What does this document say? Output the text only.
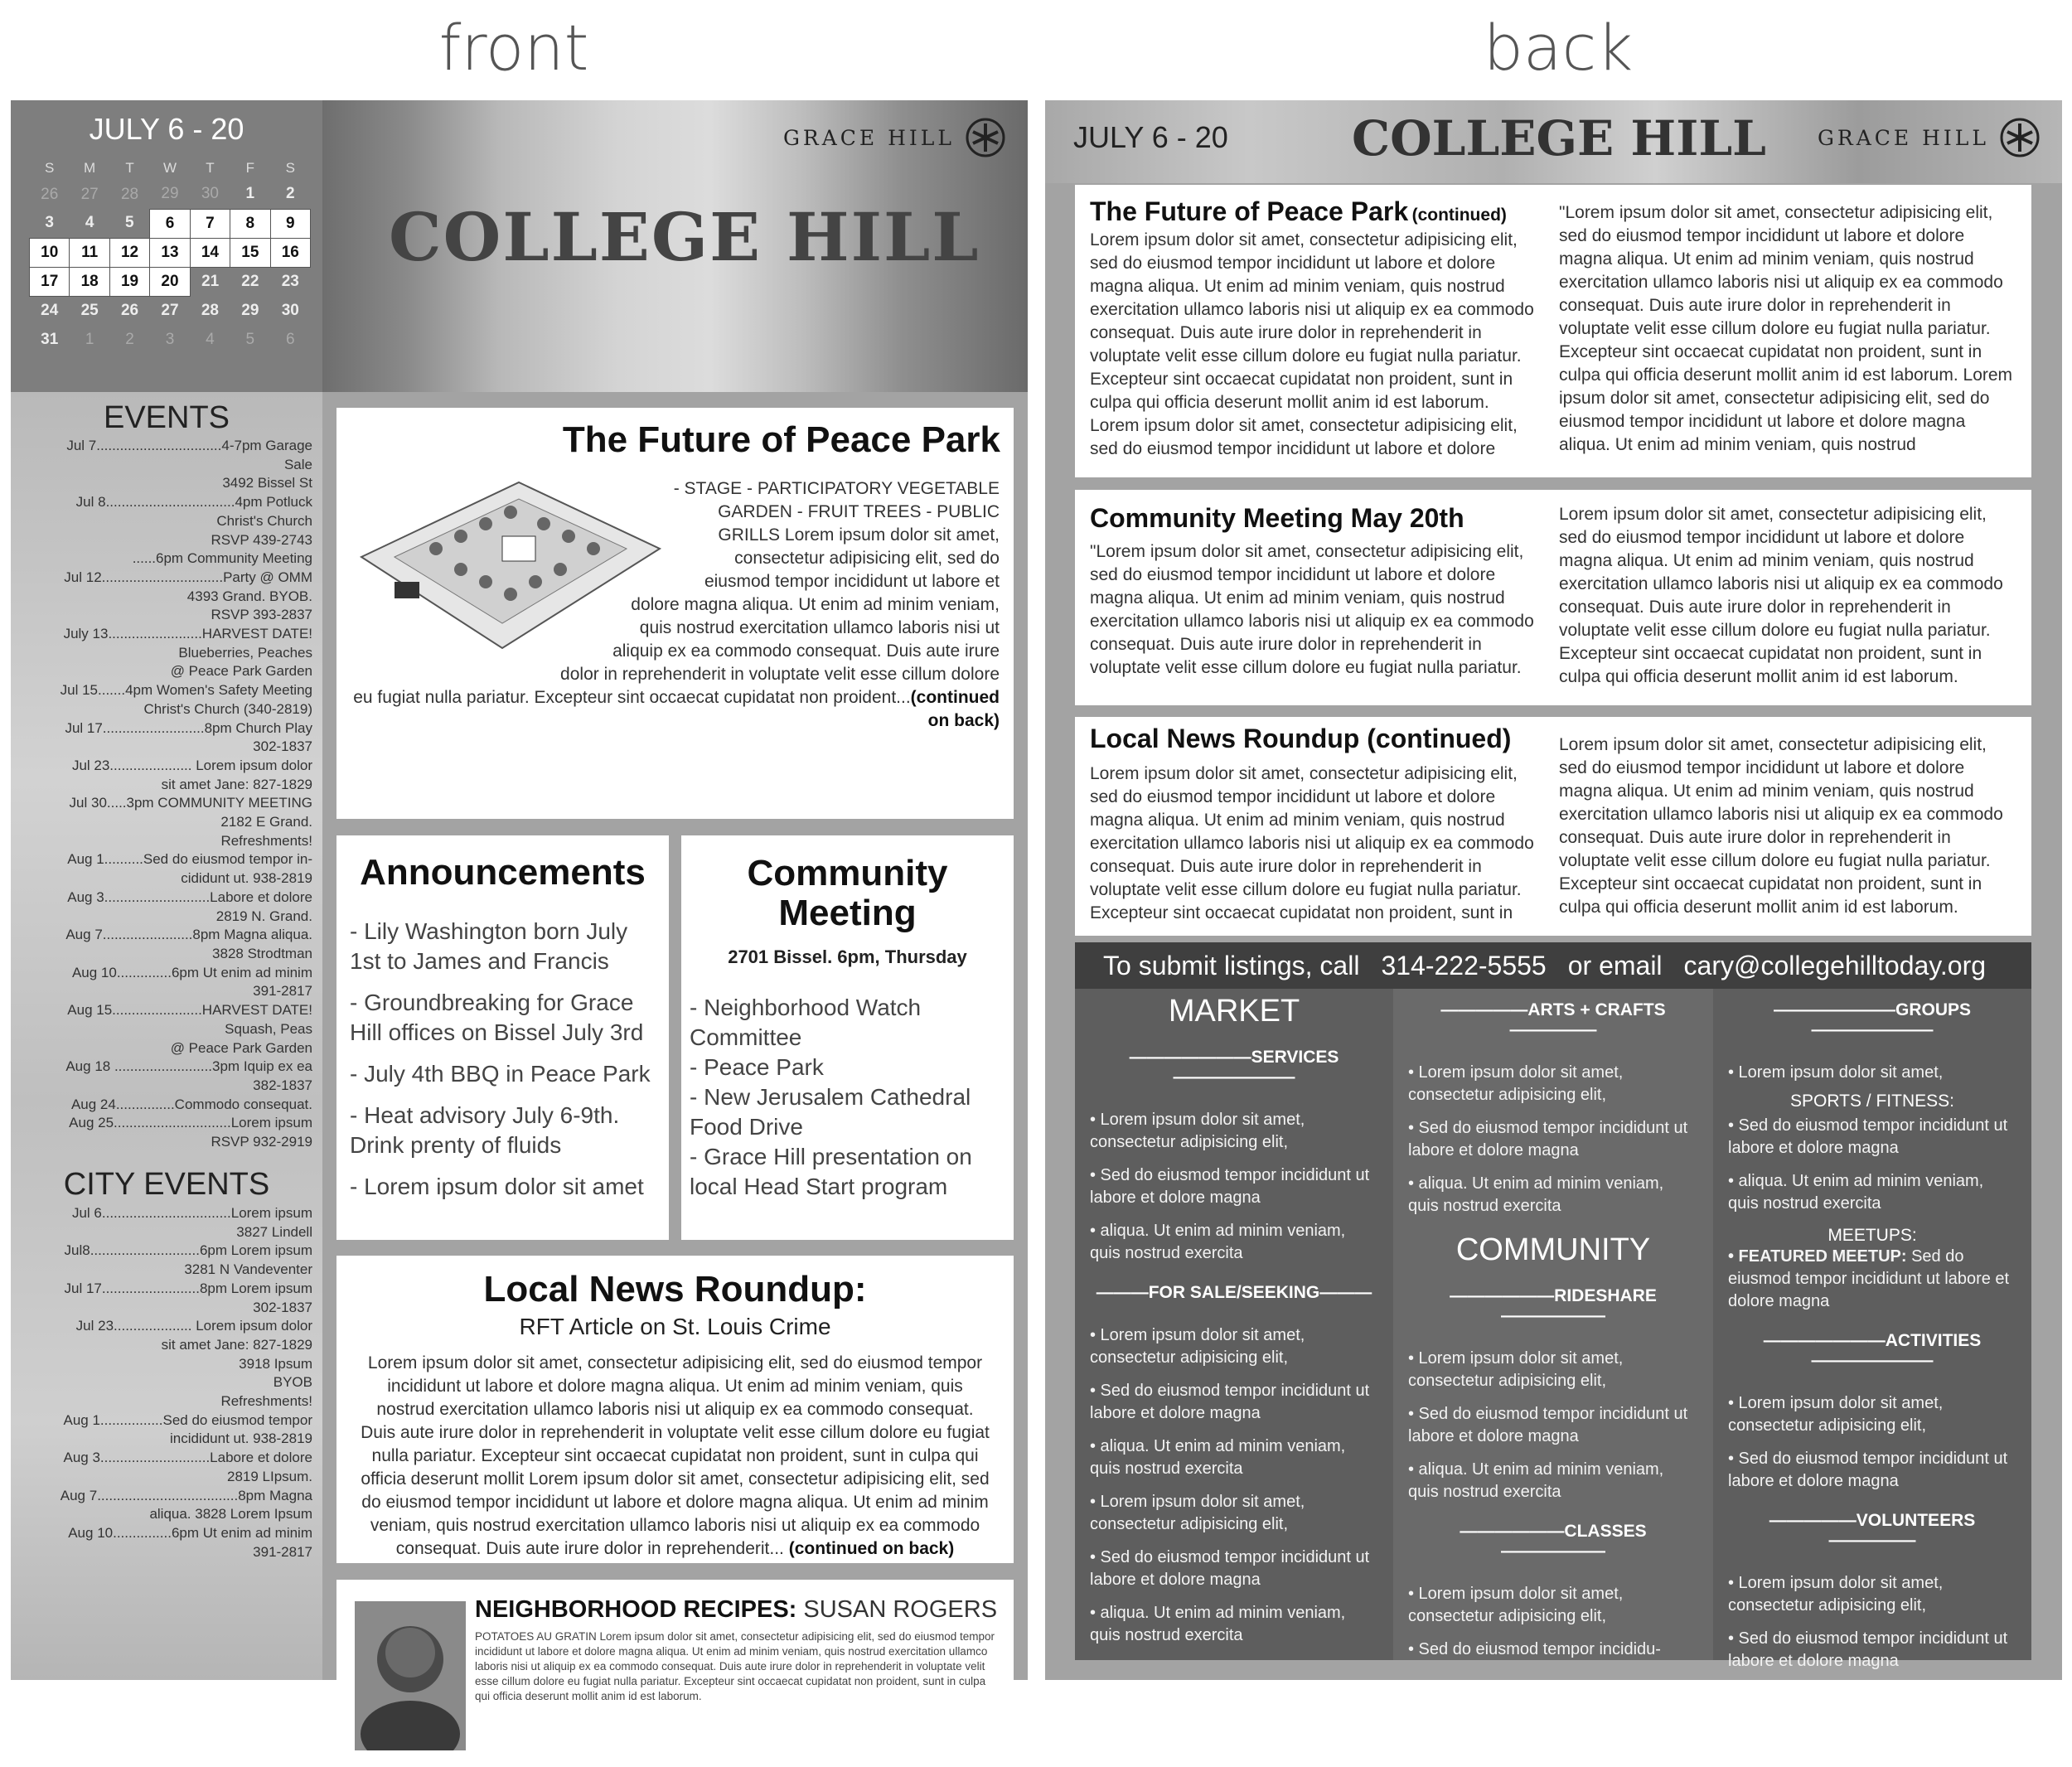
front	back
JULY 6 - 20
S	M	T	W	T	F	S
26	27	28	29	30	1	2
3	4	5	6	7	8	9
10	11	12	13	14	15	16
17	18	19	20	21	22	23
24	25	26	27	28	29	30
31	1	2	3	4	5	6
GRACE HILL
COLLEGE HILL
EVENTS
Jul 7................................4-7pm Garage
Sale
3492 Bissel St
Jul 8.................................4pm Potluck
Christ's Church
RSVP 439-2743
......6pm Community Meeting
Jul 12...............................Party @ OMM
4393 Grand. BYOB.
RSVP 393-2837
July 13........................HARVEST DATE!
Blueberries, Peaches
@ Peace Park Garden
Jul 15.......4pm Women's Safety Meeting
Christ's Church (340-2819)
Jul 17..........................8pm Church Play
302-1837
Jul 23..................... Lorem ipsum dolor
sit amet Jane: 827-1829
Jul 30.....3pm COMMUNITY MEETING
2182 E Grand.
Refreshments!
Aug 1..........Sed do eiusmod tempor in-
cididunt ut. 938-2819
Aug 3...........................Labore et dolore
2819 N. Grand.
Aug 7.......................8pm Magna aliqua.
3828 Strodtman
Aug 10..............6pm Ut enim ad minim
391-2817
Aug 15.......................HARVEST DATE!
Squash, Peas
@ Peace Park Garden
Aug 18 .........................3pm Iquip ex ea
382-1837
Aug 24...............Commodo consequat.
Aug 25..............................Lorem ipsum
RSVP 932-2919
CITY EVENTS
Jul 6.................................Lorem ipsum
3827 Lindell
Jul8............................6pm Lorem ipsum
3281 N Vandeventer
Jul 17.........................8pm Lorem ipsum
302-1837
Jul 23.................... Lorem ipsum dolor
sit amet Jane: 827-1829
3918 Ipsum
BYOB
Refreshments!
Aug 1................Sed do eiusmod tempor
incididunt ut. 938-2819
Aug 3............................Labore et dolore
2819 LIpsum.
Aug 7....................................8pm Magna
aliqua. 3828 Lorem Ipsum
Aug 10...............6pm Ut enim ad minim
391-2817
The Future of Peace Park
- STAGE - PARTICIPATORY VEGETABLE GARDEN - FRUIT TREES - PUBLIC GRILLS Lorem ipsum dolor sit amet, consectetur adipisicing elit, sed do eiusmod tempor incididunt ut labore et dolore magna aliqua. Ut enim ad minim veniam, quis nostrud exercitation ullamco laboris nisi ut aliquip ex ea commodo consequat. Duis aute irure dolor in reprehenderit in voluptate velit esse cillum dolore eu fugiat nulla pariatur. Excepteur sint occaecat cupidatat non proident...(continued on back)
Announcements
- Lily Washington born July 1st to James and Francis
- Groundbreaking for Grace Hill offices on Bissel July 3rd
- July 4th BBQ in Peace Park
- Heat advisory July 6-9th. Drink prenty of fluids
- Lorem ipsum dolor sit amet
Community Meeting
2701 Bissel. 6pm, Thursday
- Neighborhood Watch Committee
- Peace Park
- New Jerusalem Cathedral Food Drive
- Grace Hill presentation on local Head Start program
Local News Roundup:
RFT Article on St. Louis Crime
Lorem ipsum dolor sit amet, consectetur adipisicing elit, sed do eiusmod tempor incididunt ut labore et dolore magna aliqua. Ut enim ad minim veniam, quis nostrud exercitation ullamco laboris nisi ut aliquip ex ea commodo consequat. Duis aute irure dolor in reprehenderit in voluptate velit esse cillum dolore eu fugiat nulla pariatur. Excepteur sint occaecat cupidatat non proident, sunt in culpa qui officia deserunt mollit Lorem ipsum dolor sit amet, consectetur adipisicing elit, sed do eiusmod tempor incididunt ut labore et dolore magna aliqua. Ut enim ad minim veniam, quis nostrud exercitation ullamco laboris nisi ut aliquip ex ea commodo consequat. Duis aute irure dolor in reprehenderit... (continued on back)
NEIGHBORHOOD RECIPES: SUSAN ROGERS
POTATOES AU GRATIN Lorem ipsum dolor sit amet, consectetur adipisicing elit, sed do eiusmod tempor incididunt ut labore et dolore magna aliqua. Ut enim ad minim veniam, quis nostrud exercitation ullamco laboris nisi ut aliquip ex ea commodo consequat. Duis aute irure dolor in reprehenderit in voluptate velit esse cillum dolore eu fugiat nulla pariatur. Excepteur sint occaecat cupidatat non proident, sunt in culpa qui officia deserunt mollit anim id est laborum.
JULY 6 - 20	COLLEGE HILL GRACE HILL
The Future of Peace Park (continued)
Lorem ipsum dolor sit amet, consectetur adipisicing elit, sed do eiusmod tempor incididunt ut labore et dolore magna aliqua. Ut enim ad minim veniam, quis nostrud exercitation ullamco laboris nisi ut aliquip ex ea commodo consequat. Duis aute irure dolor in reprehenderit in voluptate velit esse cillum dolore eu fugiat nulla pariatur. Excepteur sint occaecat cupidatat non proident, sunt in culpa qui officia deserunt mollit anim id est laborum. Lorem ipsum dolor sit amet, consectetur adipisicing elit, sed do eiusmod tempor incididunt ut labore et dolore
"Lorem ipsum dolor sit amet, consectetur adipisicing elit, sed do eiusmod tempor incididunt ut labore et dolore magna aliqua. Ut enim ad minim veniam, quis nostrud exercitation ullamco laboris nisi ut aliquip ex ea commodo consequat. Duis aute irure dolor in reprehenderit in voluptate velit esse cillum dolore eu fugiat nulla pariatur. Excepteur sint occaecat cupidatat non proident, sunt in culpa qui officia deserunt mollit anim id est laborum. Lorem ipsum dolor sit amet, consectetur adipisicing elit, sed do eiusmod tempor incididunt ut labore et dolore magna aliqua. Ut enim ad minim veniam, quis nostrud
Community Meeting May 20th
"Lorem ipsum dolor sit amet, consectetur adipisicing elit, sed do eiusmod tempor incididunt ut labore et dolore magna aliqua. Ut enim ad minim veniam, quis nostrud exercitation ullamco laboris nisi ut aliquip ex ea commodo consequat. Duis aute irure dolor in reprehenderit in voluptate velit esse cillum dolore eu fugiat nulla pariatur.
Lorem ipsum dolor sit amet, consectetur adipisicing elit, sed do eiusmod tempor incididunt ut labore et dolore magna aliqua. Ut enim ad minim veniam, quis nostrud exercitation ullamco laboris nisi ut aliquip ex ea commodo consequat. Duis aute irure dolor in reprehenderit in voluptate velit esse cillum dolore eu fugiat nulla pariatur. Excepteur sint occaecat cupidatat non proident, sunt in culpa qui officia deserunt mollit anim id est laborum.
Local News Roundup (continued)
Lorem ipsum dolor sit amet, consectetur adipisicing elit, sed do eiusmod tempor incididunt ut labore et dolore magna aliqua. Ut enim ad minim veniam, quis nostrud exercitation ullamco laboris nisi ut aliquip ex ea commodo consequat. Duis aute irure dolor in reprehenderit in voluptate velit esse cillum dolore eu fugiat nulla pariatur. Excepteur sint occaecat cupidatat non proident, sunt in
Lorem ipsum dolor sit amet, consectetur adipisicing elit, sed do eiusmod tempor incididunt ut labore et dolore magna aliqua. Ut enim ad minim veniam, quis nostrud exercitation ullamco laboris nisi ut aliquip ex ea commodo consequat. Duis aute irure dolor in reprehenderit in voluptate velit esse cillum dolore eu fugiat nulla pariatur. Excepteur sint occaecat cupidatat non proident, sunt in culpa qui officia deserunt mollit anim id est laborum.
To submit listings, call 314-222-5555 or email cary@collegehilltoday.org
MARKET
———————SERVICES———————
• Lorem ipsum dolor sit amet, consectetur adipisicing elit,
• Sed do eiusmod tempor incididunt ut labore et dolore magna
• aliqua. Ut enim ad minim veniam, quis nostrud exercita
———FOR SALE/SEEKING———
• Lorem ipsum dolor sit amet, consectetur adipisicing elit,
• Sed do eiusmod tempor incididunt ut labore et dolore magna
• aliqua. Ut enim ad minim veniam, quis nostrud exercita
• Lorem ipsum dolor sit amet, consectetur adipisicing elit,
• Sed do eiusmod tempor incididunt ut labore et dolore magna
• aliqua. Ut enim ad minim veniam, quis nostrud exercita
—————ARTS + CRAFTS—————
• Lorem ipsum dolor sit amet, consectetur adipisicing elit,
• Sed do eiusmod tempor incididunt ut labore et dolore magna
• aliqua. Ut enim ad minim veniam, quis nostrud exercita
COMMUNITY
——————RIDESHARE——————
• Lorem ipsum dolor sit amet, consectetur adipisicing elit,
• Sed do eiusmod tempor incididunt ut labore et dolore magna
• aliqua. Ut enim ad minim veniam, quis nostrud exercita
——————CLASSES——————
• Lorem ipsum dolor sit amet, consectetur adipisicing elit,
• Sed do eiusmod tempor incididu-
———————GROUPS———————
• Lorem ipsum dolor sit amet,
SPORTS / FITNESS:
• Sed do eiusmod tempor incididunt ut labore et dolore magna
• aliqua. Ut enim ad minim veniam, quis nostrud exercita
MEETUPS:
• FEATURED MEETUP: Sed do eiusmod tempor incididunt ut labore et dolore magna
———————ACTIVITIES———————
• Lorem ipsum dolor sit amet, consectetur adipisicing elit,
• Sed do eiusmod tempor incididunt ut labore et dolore magna
—————VOLUNTEERS—————
• Lorem ipsum dolor sit amet, consectetur adipisicing elit,
• Sed do eiusmod tempor incididunt ut labore et dolore magna
